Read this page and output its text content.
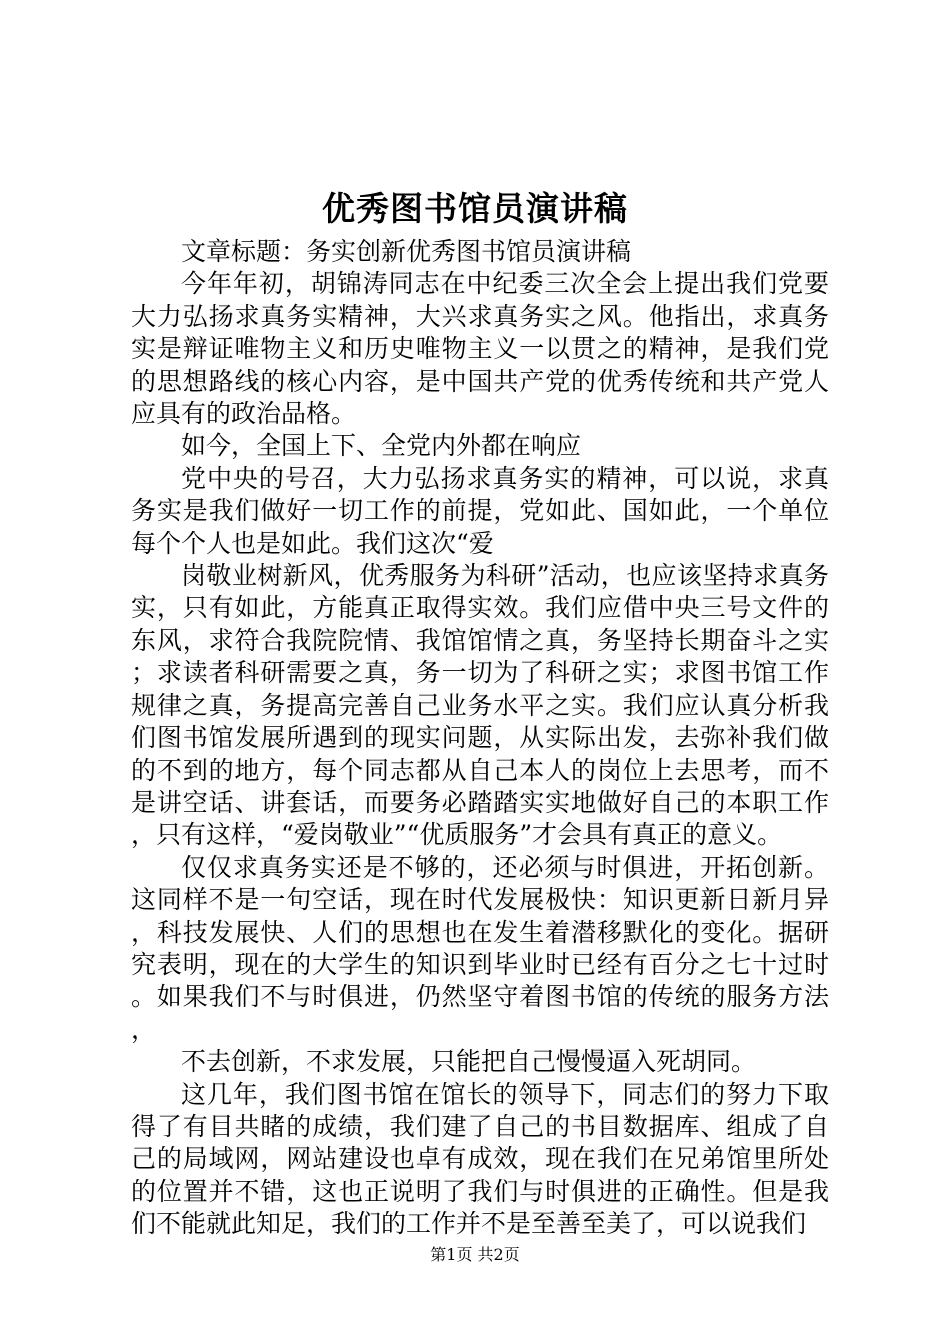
优秀图书馆员演讲稿

文章标题：务实创新优秀图书馆员演讲稿

今年年初，胡锦涛同志在中纪委三次全会上提出我们党要大力弘扬求真务实精神，大兴求真务实之风。他指出，求真务实是辩证唯物主义和历史唯物主义一以贯之的精神，是我们党的思想路线的核心内容，是中国共产党的优秀传统和共产党人应具有的政治品格。

如今，全国上下、全党内外都在响应

党中央的号召，大力弘扬求真务实的精神，可以说，求真务实是我们做好一切工作的前提，党如此、国如此，一个单位每个个人也是如此。我们这次“爱

岗敬业树新风，优秀服务为科研”活动，也应该坚持求真务实，只有如此，方能真正取得实效。我们应借中央三号文件的东风，求符合我院院情、我馆馆情之真，务坚持长期奋斗之实；求读者科研需要之真，务一切为了科研之实；求图书馆工作规律之真，务提高完善自己业务水平之实。我们应认真分析我们图书馆发展所遇到的现实问题，从实际出发，去弥补我们做的不到的地方，每个同志都从自己本人的岗位上去思考，而不是讲空话、讲套话，而要务必踏踏实实地做好自己的本职工作，只有这样，“爱岗敬业”“优质服务”才会具有真正的意义。

仅仅求真务实还是不够的，还必须与时俱进，开拓创新。这同样不是一句空话，现在时代发展极快：知识更新日新月异，科技发展快、人们的思想也在发生着潜移默化的变化。据研究表明，现在的大学生的知识到毕业时已经有百分之七十过时。如果我们不与时俱进，仍然坚守着图书馆的传统的服务方法，

不去创新，不求发展，只能把自己慢慢逼入死胡同。

这几年，我们图书馆在馆长的领导下，同志们的努力下取得了有目共睹的成绩，我们建了自己的书目数据库、组成了自己的局域网，网站建设也卓有成效，现在我们在兄弟馆里所处的位置并不错，这也正说明了我们与时俱进的正确性。但是我们不能就此知足，我们的工作并不是至善至美了，可以说我们

第1页 共2页
